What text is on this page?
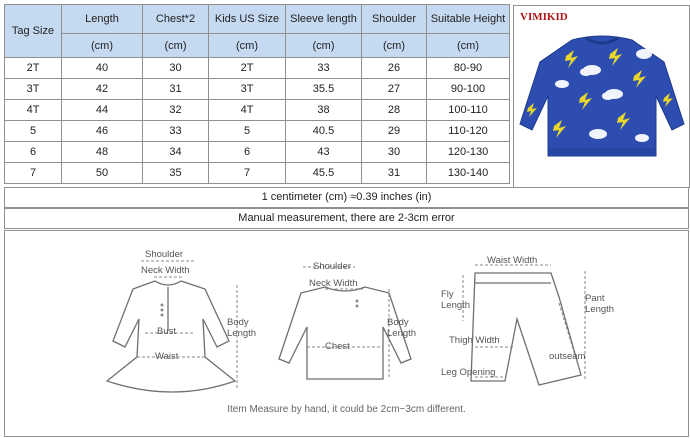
Tag Size	Length	Chest*2	Kids US Size	Sleeve length	Shoulder	Suitable Height
	(cm)	(cm)	(cm)	(cm)	(cm)	(cm)
2T	40	30	2T	33	26	80-90
3T	42	31	3T	35.5	27	90-100
4T	44	32	4T	38	28	100-110
5	46	33	5	40.5	29	110-120
6	48	34	6	43	30	120-130
7	50	35	7	45.5	31	130-140
VIMIKID
1 centimeter (cm) ≈0.39 inches (in)
Manual measurement, there are 2-3cm error
Shoulder
Neck Width
Body Length
Bust
Waist
Shoulder
Neck Width
Body Length
Chest
Waist Width
Fly Length
Pant Length
Thigh Width
outseam
Leg Opening
Item Measure by hand, it could be 2cm~3cm different.
